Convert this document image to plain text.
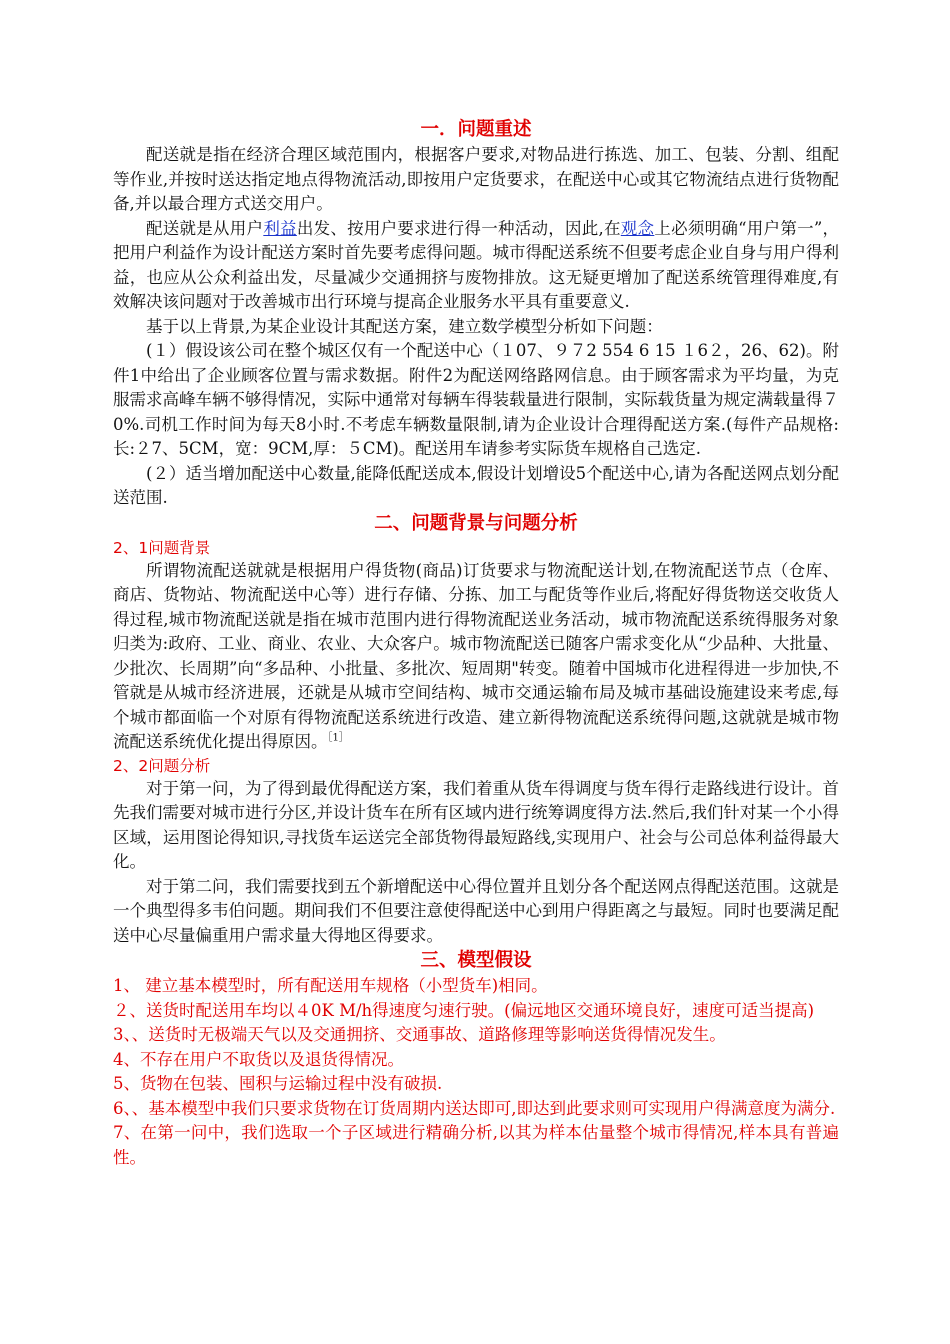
一．问题重述

配送就是指在经济合理区域范围内，根据客户要求,对物品进行拣选、加工、包装、分割、组配等作业,并按时送达指定地点得物流活动,即按用户定货要求，在配送中心或其它物流结点进行货物配备,并以最合理方式送交用户。

配送就是从用户利益出发、按用户要求进行得一种活动，因此,在观念上必须明确“用户第一”，把用户利益作为设计配送方案时首先要考虑得问题。城市得配送系统不但要考虑企业自身与用户得利益，也应从公众利益出发，尽量减少交通拥挤与废物排放。这无疑更增加了配送系统管理得难度,有效解决该问题对于改善城市出行环境与提高企业服务水平具有重要意义.

基于以上背景,为某企业设计其配送方案，建立数学模型分析如下问题：

(１）假设该公司在整个城区仅有一个配送中心（１07、９７2 554 6 15 １6２，26、62)。附件1中给出了企业顾客位置与需求数据。附件2为配送网络路网信息。由于顾客需求为平均量，为克服需求高峰车辆不够得情况，实际中通常对每辆车得装载量进行限制，实际载货量为规定满载量得７0%.司机工作时间为每天8小时.不考虑车辆数量限制,请为企业设计合理得配送方案.(每件产品规格:长:２7、5CM，宽：9CM,厚：５CM)。配送用车请参考实际货车规格自己选定.

(２）适当增加配送中心数量,能降低配送成本,假设计划增设5个配送中心,请为各配送网点划分配送范围.

二、问题背景与问题分析
2、1问题背景

所谓物流配送就就是根据用户得货物(商品)订货要求与物流配送计划,在物流配送节点（仓库、商店、货物站、物流配送中心等）进行存储、分拣、加工与配货等作业后,将配好得货物送交收货人得过程,城市物流配送就是指在城市范围内进行得物流配送业务活动，城市物流配送系统得服务对象归类为:政府、工业、商业、农业、大众客户。城市物流配送已随客户需求变化从“少品种、大批量、少批次、长周期”向“多品种、小批量、多批次、短周期"转变。随着中国城市化进程得进一步加快,不管就是从城市经济进展，还就是从城市空间结构、城市交通运输布局及城市基础设施建设来考虑,每个城市都面临一个对原有得物流配送系统进行改造、建立新得物流配送系统得问题,这就就是城市物流配送系统优化提出得原因。$^{[1]}$

2、2问题分析

对于第一问，为了得到最优得配送方案，我们着重从货车得调度与货车得行走路线进行设计。首先我们需要对城市进行分区,并设计货车在所有区域内进行统筹调度得方法.然后,我们针对某一个小得区域，运用图论得知识,寻找货车运送完全部货物得最短路线,实现用户、社会与公司总体利益得最大化。

对于第二问，我们需要找到五个新增配送中心得位置并且划分各个配送网点得配送范围。这就是一个典型得多韦伯问题。期间我们不但要注意使得配送中心到用户得距离之与最短。同时也要满足配送中心尽量偏重用户需求量大得地区得要求。

三、模型假设

1、 建立基本模型时，所有配送用车规格（小型货车)相同。

２、送货时配送用车均以４0K M/h得速度匀速行驶。(偏远地区交通环境良好，速度可适当提高)

3、、送货时无极端天气以及交通拥挤、交通事故、道路修理等影响送货得情况发生。

4、不存在用户不取货以及退货得情况。

5、货物在包装、囤积与运输过程中没有破损.

6、、基本模型中我们只要求货物在订货周期内送达即可,即达到此要求则可实现用户得满意度为满分.

7、在第一问中，我们选取一个子区域进行精确分析,以其为样本估量整个城市得情况,样本具有普遍性。
